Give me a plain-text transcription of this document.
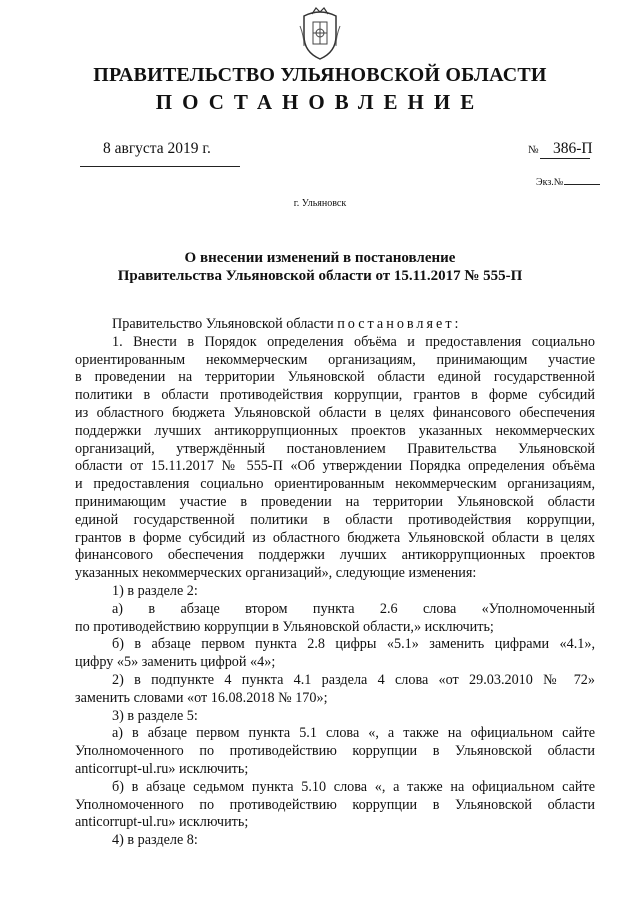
ПРАВИТЕЛЬСТВО УЛЬЯНОВСКОЙ ОБЛАСТИ
ПОСТАНОВЛЕНИЕ
8 августа 2019 г.	№ 386-П
Экз.№
г. Ульяновск
О внесении изменений в постановление
Правительства Ульяновской области от 15.11.2017 № 555-П

Правительство Ульяновской области постановляет:

1. Внести в Порядок определения объёма и предоставления социально

ориентированным некоммерческим организациям, принимающим участие

в проведении на территории Ульяновской области единой государственной

политики в области противодействия коррупции, грантов в форме субсидий

из областного бюджета Ульяновской области в целях финансового обеспечения

поддержки лучших антикоррупционных проектов указанных некоммерческих

организаций, утверждённый постановлением Правительства Ульяновской

области от 15.11.2017 № 555-П «Об утверждении Порядка определения объёма

и предоставления социально ориентированным некоммерческим организациям,

принимающим участие в проведении на территории Ульяновской области

единой государственной политики в области противодействия коррупции,

грантов в форме субсидий из областного бюджета Ульяновской области в целях

финансового обеспечения поддержки лучших антикоррупционных проектов

указанных некоммерческих организаций», следующие изменения:

1) в разделе 2:

а) в абзаце втором пункта 2.6 слова «Уполномоченный

по противодействию коррупции в Ульяновской области,» исключить;

б) в абзаце первом пункта 2.8 цифры «5.1» заменить цифрами «4.1»,

цифру «5» заменить цифрой «4»;

2) в подпункте 4 пункта 4.1 раздела 4 слова «от 29.03.2010 № 72»

заменить словами «от 16.08.2018 № 170»;

3) в разделе 5:

а) в абзаце первом пункта 5.1 слова «, а также на официальном сайте

Уполномоченного по противодействию коррупции в Ульяновской области

anticorrupt-ul.ru» исключить;

б) в абзаце седьмом пункта 5.10 слова «, а также на официальном сайте

Уполномоченного по противодействию коррупции в Ульяновской области

anticorrupt-ul.ru» исключить;

4) в разделе 8:
